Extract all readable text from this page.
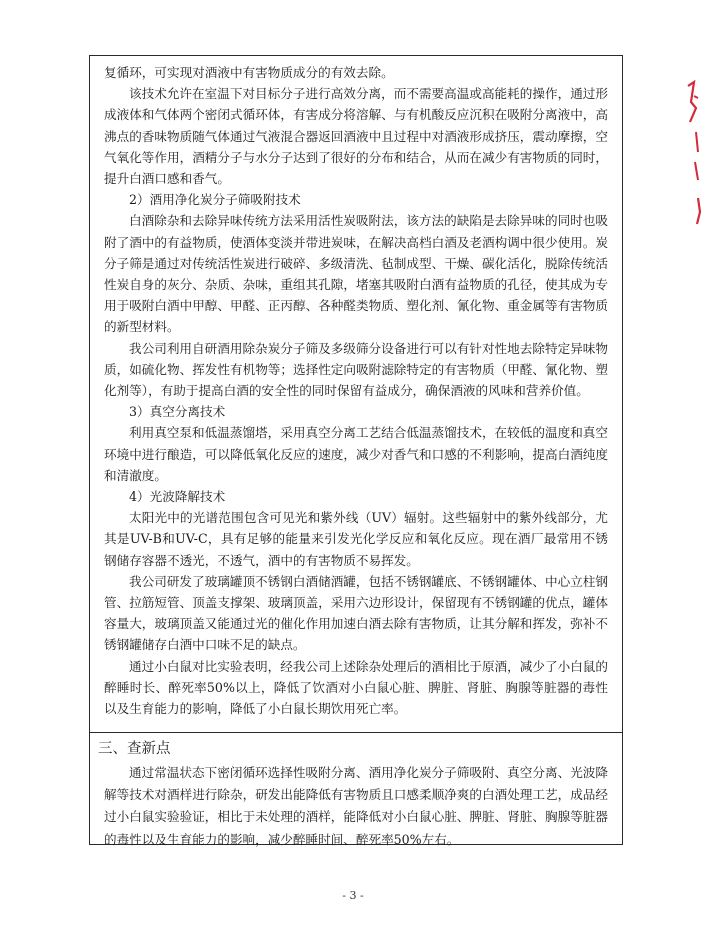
复循环，可实现对酒液中有害物质成分的有效去除。

该技术允许在室温下对目标分子进行高效分离，而不需要高温或高能耗的操作，通过形成液体和气体两个密闭式循环体，有害成分将溶解、与有机酸反应沉积在吸附分离液中，高沸点的香味物质随气体通过气液混合器返回酒液中且过程中对酒液形成挤压，震动摩擦，空气氧化等作用，酒精分子与水分子达到了很好的分布和结合，从而在减少有害物质的同时，提升白酒口感和香气。

2）酒用净化炭分子筛吸附技术

白酒除杂和去除异味传统方法采用活性炭吸附法，该方法的缺陷是去除异味的同时也吸附了酒中的有益物质，使酒体变淡并带进炭味，在解决高档白酒及老酒构调中很少使用。炭分子筛是通过对传统活性炭进行破碎、多级清洗、毡制成型、干燥、碳化活化，脱除传统活性炭自身的灰分、杂质、杂味，重组其孔隙，堵塞其吸附白酒有益物质的孔径，使其成为专用于吸附白酒中甲醇、甲醛、正丙醇、各种醛类物质、塑化剂、氰化物、重金属等有害物质的新型材料。

我公司利用自研酒用除杂炭分子筛及多级筛分设备进行可以有针对性地去除特定异味物质，如硫化物、挥发性有机物等；选择性定向吸附滤除特定的有害物质（甲醛、氰化物、塑化剂等），有助于提高白酒的安全性的同时保留有益成分，确保酒液的风味和营养价值。

3）真空分离技术

利用真空泵和低温蒸馏塔，采用真空分离工艺结合低温蒸馏技术，在较低的温度和真空环境中进行酿造，可以降低氧化反应的速度，减少对香气和口感的不利影响，提高白酒纯度和清澈度。

4）光波降解技术

太阳光中的光谱范围包含可见光和紫外线（UV）辐射。这些辐射中的紫外线部分，尤其是UV-B和UV-C，具有足够的能量来引发光化学反应和氧化反应。现在酒厂最常用不锈钢储存容器不透光，不透气，酒中的有害物质不易挥发。

我公司研发了玻璃罐顶不锈钢白酒储酒罐，包括不锈钢罐底、不锈钢罐体、中心立柱钢管、拉筋短管、顶盖支撑架、玻璃顶盖，采用六边形设计，保留现有不锈钢罐的优点，罐体容量大，玻璃顶盖又能通过光的催化作用加速白酒去除有害物质，让其分解和挥发，弥补不锈钢罐储存白酒中口味不足的缺点。

通过小白鼠对比实验表明，经我公司上述除杂处理后的酒相比于原酒，减少了小白鼠的醉睡时长、醉死率50%以上，降低了饮酒对小白鼠心脏、脾脏、肾脏、胸腺等脏器的毒性以及生育能力的影响，降低了小白鼠长期饮用死亡率。

三、查新点

通过常温状态下密闭循环选择性吸附分离、酒用净化炭分子筛吸附、真空分离、光波降解等技术对酒样进行除杂，研发出能降低有害物质且口感柔顺净爽的白酒处理工艺，成品经过小白鼠实验验证，相比于未处理的酒样，能降低对小白鼠心脏、脾脏、肾脏、胸腺等脏器的毒性以及生育能力的影响，减少醉睡时间、醉死率50%左右。

- 3 -
